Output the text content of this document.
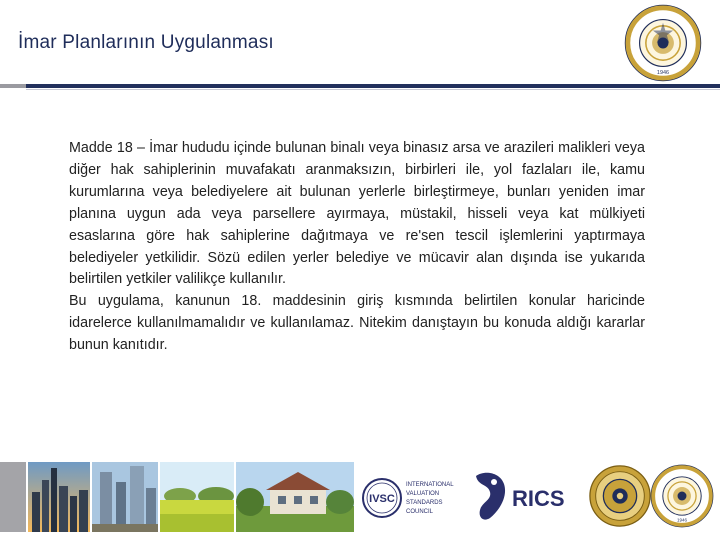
İmar Planlarının Uygulanması
1946

Madde 18 – İmar hududu içinde bulunan binalı veya binasız arsa ve arazileri malikleri veya diğer hak sahiplerinin muvafakatı aranmaksızın, birbirleri ile, yol fazlaları ile, kamu kurumlarına veya belediyelere ait bulunan yerlerle birleştirmeye, bunları yeniden imar planına uygun ada veya parsellere ayırmaya, müstakil, hisseli veya kat mülkiyeti esaslarına göre hak sahiplerine dağıtmaya ve re'sen tescil işlemlerini yaptırmaya belediyeler yetkilidir. Sözü edilen yerler belediye ve mücavir alan dışında ise yukarıda belirtilen yetkiler valilikçe kullanılır.

Bu uygulama, kanunun 18. maddesinin giriş kısmında belirtilen konular haricinde idarelerce kullanılmamalıdır ve kullanılamaz. Nitekim danıştayın bu konuda aldığı kararlar bunun kanıtıdır.

IVSC
INTERNATIONAL
VALUATION
STANDARDS
COUNCIL
RICS
1946
